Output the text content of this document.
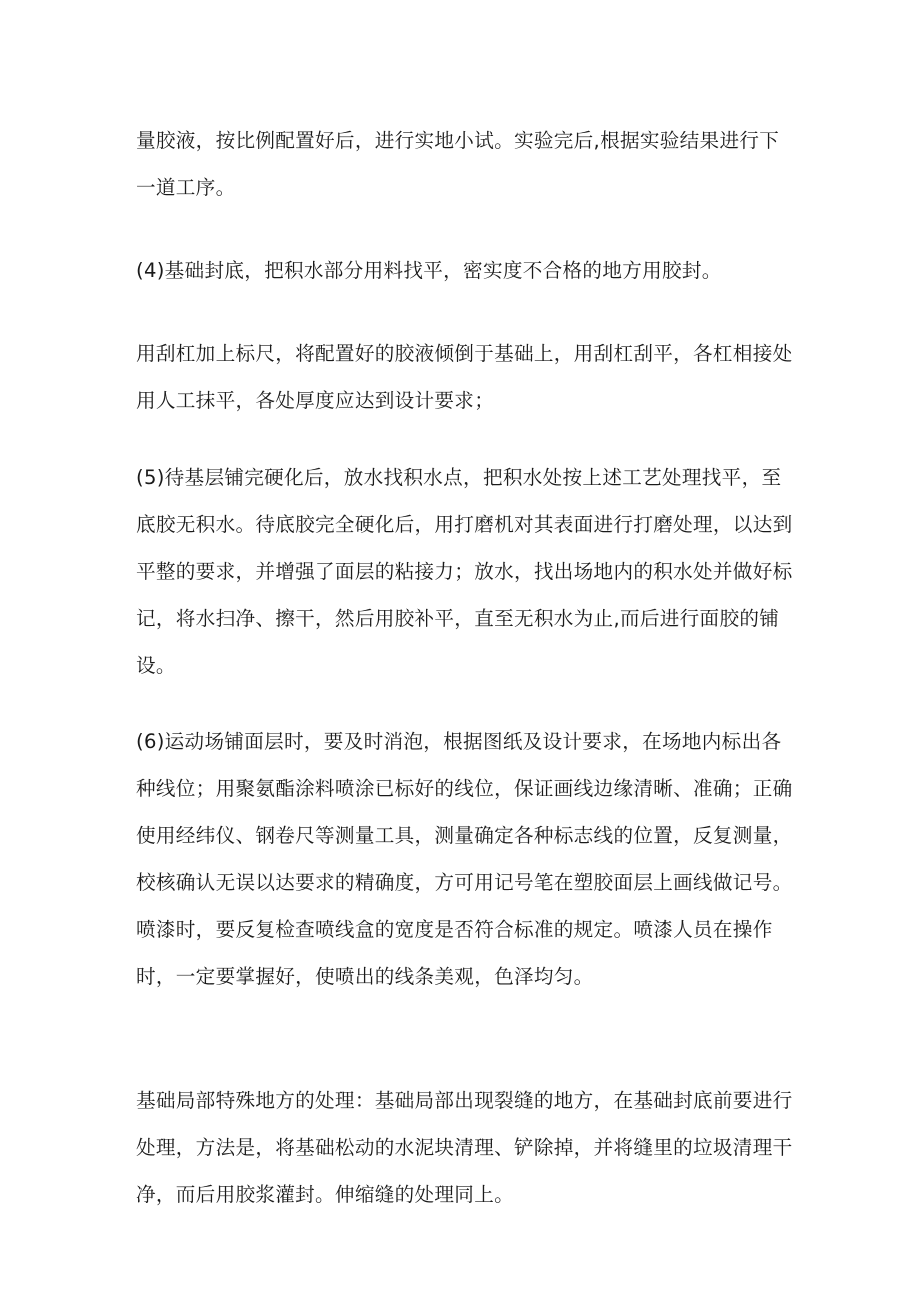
量胶液，按比例配置好后，进行实地小试。实验完后,根据实验结果进行下一道工序。

(4)基础封底，把积水部分用料找平，密实度不合格的地方用胶封。

用刮杠加上标尺，将配置好的胶液倾倒于基础上，用刮杠刮平，各杠相接处用人工抹平，各处厚度应达到设计要求；

(5)待基层铺完硬化后，放水找积水点，把积水处按上述工艺处理找平，至底胶无积水。待底胶完全硬化后，用打磨机对其表面进行打磨处理，以达到平整的要求，并增强了面层的粘接力；放水，找出场地内的积水处并做好标记，将水扫净、擦干，然后用胶补平，直至无积水为止,而后进行面胶的铺设。

(6)运动场铺面层时，要及时消泡，根据图纸及设计要求，在场地内标出各种线位；用聚氨酯涂料喷涂已标好的线位，保证画线边缘清晰、准确；正确使用经纬仪、钢卷尺等测量工具，测量确定各种标志线的位置，反复测量，校核确认无误以达要求的精确度，方可用记号笔在塑胶面层上画线做记号。喷漆时，要反复检查喷线盒的宽度是否符合标准的规定。喷漆人员在操作时，一定要掌握好，使喷出的线条美观，色泽均匀。

基础局部特殊地方的处理：基础局部出现裂缝的地方，在基础封底前要进行处理，方法是，将基础松动的水泥块清理、铲除掉，并将缝里的垃圾清理干净，而后用胶浆灌封。伸缩缝的处理同上。
